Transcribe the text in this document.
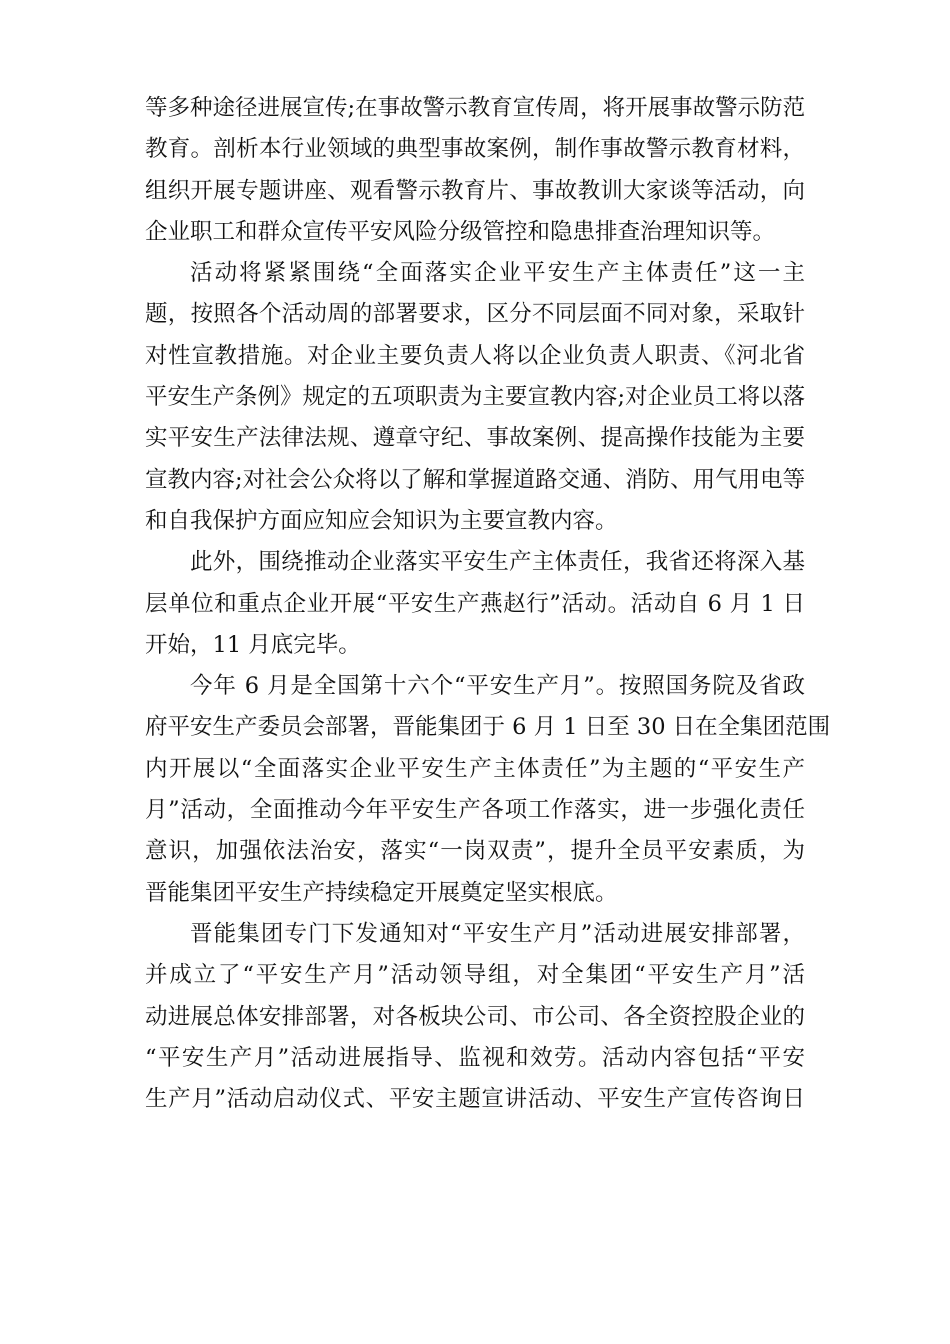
等多种途径进展宣传;在事故警示教育宣传周，将开展事故警示防范
教育。剖析本行业领域的典型事故案例，制作事故警示教育材料，
组织开展专题讲座、观看警示教育片、事故教训大家谈等活动，向
企业职工和群众宣传平安风险分级管控和隐患排查治理知识等。
活动将紧紧围绕“全面落实企业平安生产主体责任”这一主
题，按照各个活动周的部署要求，区分不同层面不同对象，采取针
对性宣教措施。对企业主要负责人将以企业负责人职责、《河北省
平安生产条例》规定的五项职责为主要宣教内容;对企业员工将以落
实平安生产法律法规、遵章守纪、事故案例、提高操作技能为主要
宣教内容;对社会公众将以了解和掌握道路交通、消防、用气用电等
和自我保护方面应知应会知识为主要宣教内容。
此外，围绕推动企业落实平安生产主体责任，我省还将深入基
层单位和重点企业开展“平安生产燕赵行”活动。活动自 6 月 1 日
开始，11 月底完毕。
今年 6 月是全国第十六个“平安生产月”。按照国务院及省政
府平安生产委员会部署，晋能集团于 6 月 1 日至 30 日在全集团范围
内开展以“全面落实企业平安生产主体责任”为主题的“平安生产
月”活动，全面推动今年平安生产各项工作落实，进一步强化责任
意识，加强依法治安，落实“一岗双责”，提升全员平安素质，为
晋能集团平安生产持续稳定开展奠定坚实根底。
晋能集团专门下发通知对“平安生产月”活动进展安排部署，
并成立了“平安生产月”活动领导组，对全集团“平安生产月”活
动进展总体安排部署，对各板块公司、市公司、各全资控股企业的
“平安生产月”活动进展指导、监视和效劳。活动内容包括“平安
生产月”活动启动仪式、平安主题宣讲活动、平安生产宣传咨询日
